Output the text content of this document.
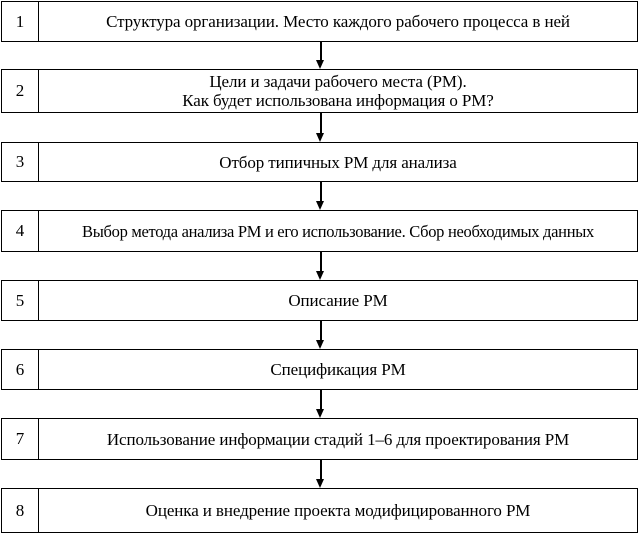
1	Структура организации. Место каждого рабочего процесса в ней
2	Цели и задачи рабочего места (РМ).
Как будет использована информация о РМ?
3	Отбор типичных РМ для анализа
4	Выбор метода анализа РМ и его использование. Сбор необходимых данных
5	Описание РМ
6	Спецификация РМ
7	Использование информации стадий 1–6 для проектирования РМ
8	Оценка и внедрение проекта модифицированного РМ
